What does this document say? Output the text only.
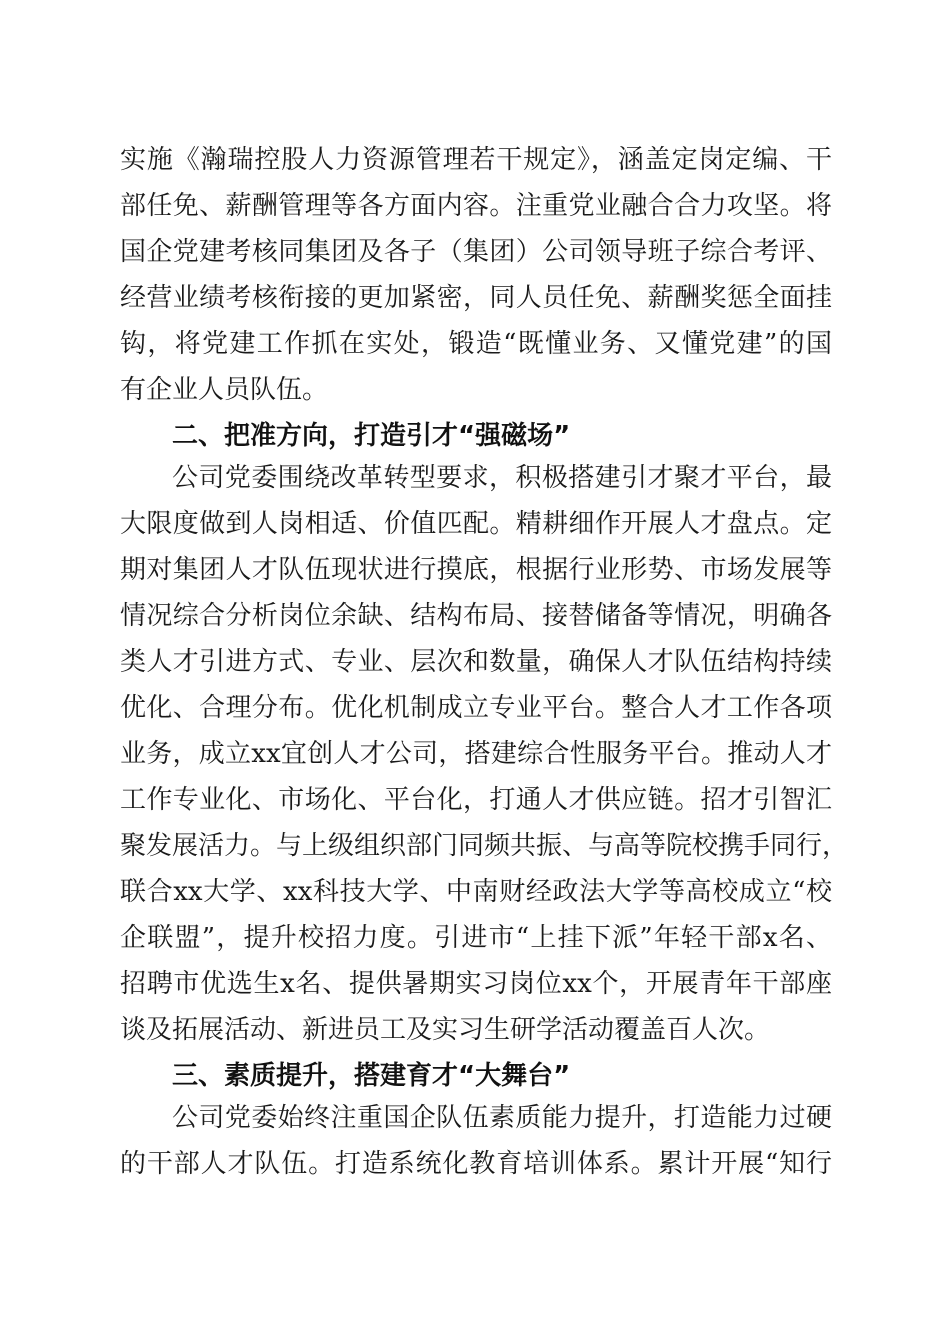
实施《瀚瑞控股人力资源管理若干规定》，涵盖定岗定编、干
部任免、薪酬管理等各方面内容。注重党业融合合力攻坚。将
国企党建考核同集团及各子（集团）公司领导班子综合考评、
经营业绩考核衔接的更加紧密，同人员任免、薪酬奖惩全面挂
钩，将党建工作抓在实处，锻造“既懂业务、又懂党建”的国
有企业人员队伍。
二、把准方向，打造引才“强磁场”
公司党委围绕改革转型要求，积极搭建引才聚才平台，最
大限度做到人岗相适、价值匹配。精耕细作开展人才盘点。定
期对集团人才队伍现状进行摸底，根据行业形势、市场发展等
情况综合分析岗位余缺、结构布局、接替储备等情况，明确各
类人才引进方式、专业、层次和数量，确保人才队伍结构持续
优化、合理分布。优化机制成立专业平台。整合人才工作各项
业务，成立xx宜创人才公司，搭建综合性服务平台。推动人才
工作专业化、市场化、平台化，打通人才供应链。招才引智汇
聚发展活力。与上级组织部门同频共振、与高等院校携手同行，
联合xx大学、xx科技大学、中南财经政法大学等高校成立“校
企联盟”，提升校招力度。引进市“上挂下派”年轻干部x名、
招聘市优选生x名、提供暑期实习岗位xx个，开展青年干部座
谈及拓展活动、新进员工及实习生研学活动覆盖百人次。
三、素质提升，搭建育才“大舞台”
公司党委始终注重国企队伍素质能力提升，打造能力过硬
的干部人才队伍。打造系统化教育培训体系。累计开展“知行
